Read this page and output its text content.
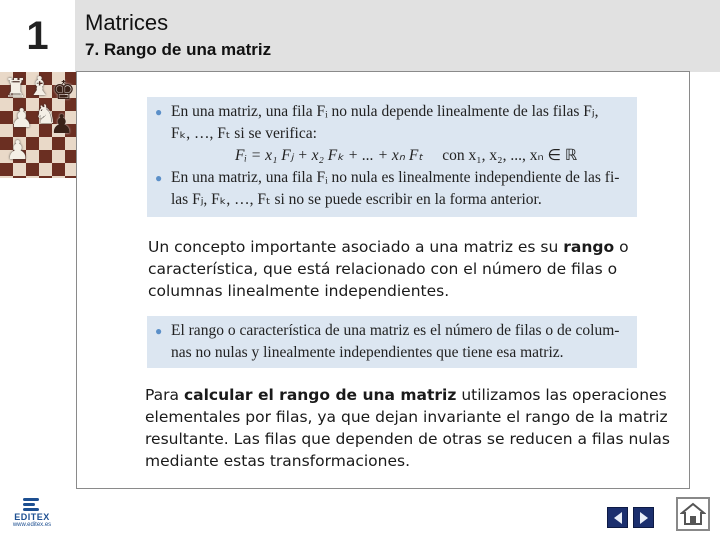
1	Matrices
7. Rango de una matriz
♜ ♝ ♚
♟ ♞
♟
♟	● En una matriz, una fila Fᵢ no nula depende linealmente de las filas Fⱼ,
Fₖ, …, Fₜ si se verifica:
Fᵢ = x₁ Fⱼ + x₂ Fₖ + ... + xₙ Fₜ con x₁, x₂, ..., xₙ ∈ ℝ
● En una matriz, una fila Fᵢ no nula es linealmente independiente de las fi-
las Fⱼ, Fₖ, …, Fₜ si no se puede escribir en la forma anterior.
Un concepto importante asociado a una matriz es su rango o característica, que está relacionado con el número de filas o columnas linealmente independientes.
● El rango o característica de una matriz es el número de filas o de colum-
nas no nulas y linealmente independientes que tiene esa matriz.
Para calcular el rango de una matriz utilizamos las operaciones elementales por filas, ya que dejan invariante el rango de la matriz resultante. Las filas que dependen de otras se reducen a filas nulas mediante estas transformaciones.
EDITEX
www.editex.es
